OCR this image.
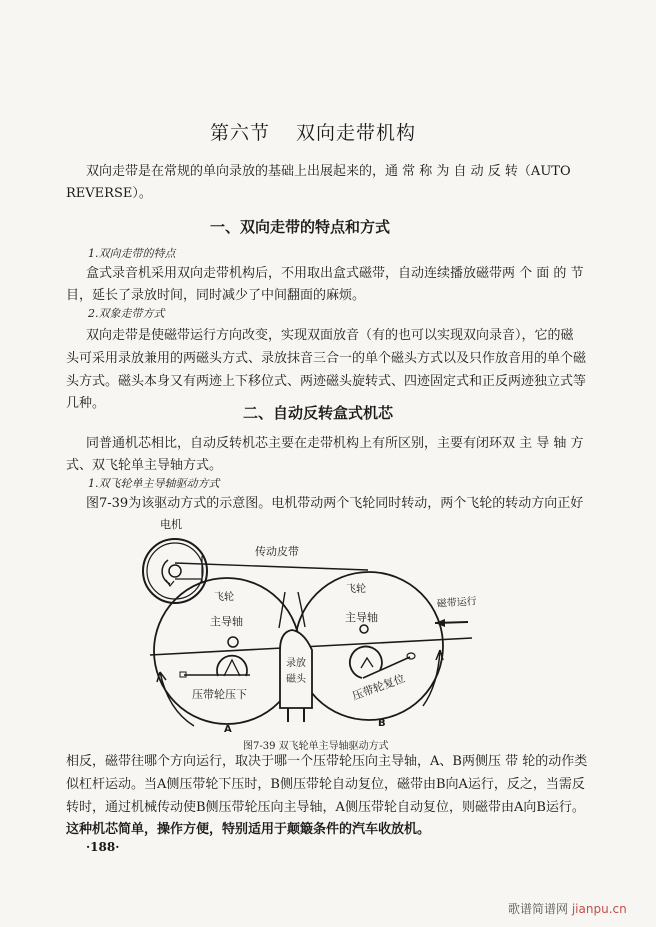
第六节 双向走带机构
双向走带是在常规的单向录放的基础上出展起来的，通 常 称 为 自 动 反 转（AUTO
REVERSE）。
一、双向走带的特点和方式
1.双向走带的特点
盒式录音机采用双向走带机构后，不用取出盒式磁带，自动连续播放磁带两 个 面 的 节
目，延长了录放时间，同时减少了中间翻面的麻烦。
2.双象走带方式
双向走带是使磁带运行方向改变，实现双面放音（有的也可以实现双向录音），它的磁
头可采用录放兼用的两磁头方式、录放抹音三合一的单个磁头方式以及只作放音用的单个磁
头方式。磁头本身又有两迹上下移位式、两迹磁头旋转式、四迹固定式和正反两迹独立式等
几种。
二、自动反转盒式机芯
同普通机芯相比，自动反转机芯主要在走带机构上有所区别，主要有闭环双 主 导 轴 方
式、双飞轮单主导轴方式。
1.双飞轮单主导轴驱动方式
图7-39为该驱动方式的示意图。电机带动两个飞轮同时转动，两个飞轮的转动方向正好
电机
传动皮带
飞轮
飞轮
主导轴	主导轴
磁带运行
录放
磁头
压带轮压下	压带轮复位
A
B
图7-39 双飞轮单主导轴驱动方式
相反，磁带往哪个方向运行，取决于哪一个压带轮压向主导轴，A、B两侧压 带 轮的动作类
似杠杆运动。当A侧压带轮下压时，B侧压带轮自动复位，磁带由B向A运行，反之，当需反
转时，通过机械传动使B侧压带轮压向主导轴，A侧压带轮自动复位，则磁带由A向B运行。
这种机芯简单，操作方便，特别适用于颠簸条件的汽车收放机。
·188·
歌谱简谱网 jianpu.cn
